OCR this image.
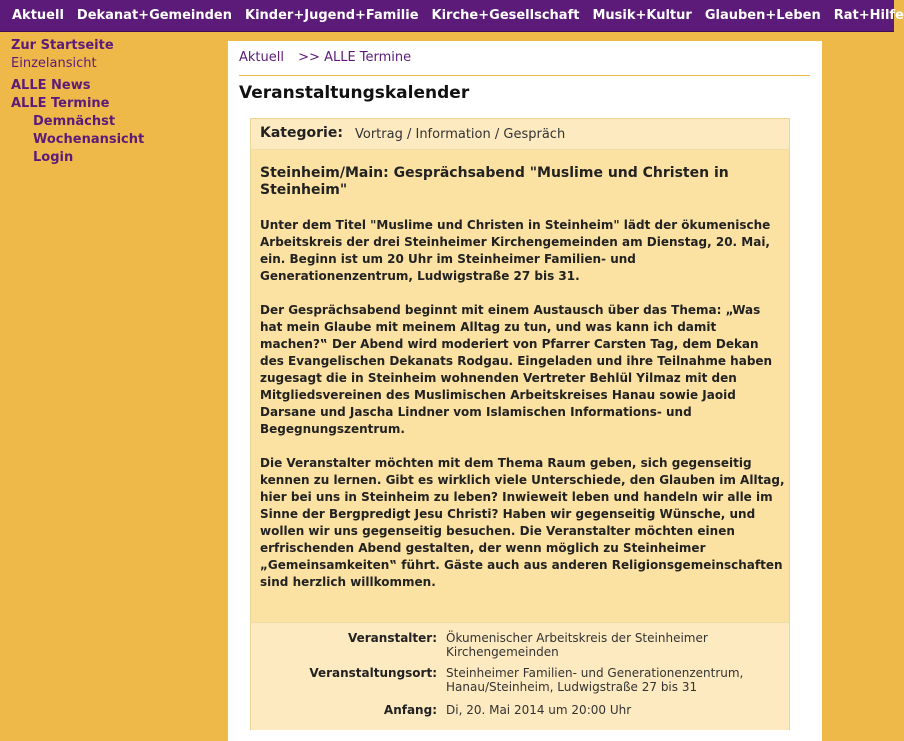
Aktuell Dekanat+Gemeinden Kinder+Jugend+Familie Kirche+Gesellschaft Musik+Kultur Glauben+Leben Rat+Hilfe
Zur Startseite
Einzelansicht
ALLE News
ALLE Termine
Demnächst
Wochenansicht
Login
Aktuell >> ALLE Termine
Veranstaltungskalender
Kategorie: Vortrag / Information / Gespräch
Steinheim/Main: Gesprächsabend "Muslime und Christen in Steinheim"

Unter dem Titel "Muslime und Christen in Steinheim" lädt der ökumenische Arbeitskreis der drei Steinheimer Kirchengemeinden am Dienstag, 20. Mai, ein. Beginn ist um 20 Uhr im Steinheimer Familien- und Generationenzentrum, Ludwigstraße 27 bis 31.

Der Gesprächsabend beginnt mit einem Austausch über das Thema: „Was hat mein Glaube mit meinem Alltag zu tun, und was kann ich damit machen?‟ Der Abend wird moderiert von Pfarrer Carsten Tag, dem Dekan des Evangelischen Dekanats Rodgau. Eingeladen und ihre Teilnahme haben zugesagt die in Steinheim wohnenden Vertreter Behlül Yilmaz mit den Mitgliedsvereinen des Muslimischen Arbeitskreises Hanau sowie Jaoid Darsane und Jascha Lindner vom Islamischen Informations- und Begegnungszentrum.

Die Veranstalter möchten mit dem Thema Raum geben, sich gegenseitig kennen zu lernen. Gibt es wirklich viele Unterschiede, den Glauben im Alltag, hier bei uns in Steinheim zu leben? Inwieweit leben und handeln wir alle im Sinne der Bergpredigt Jesu Christi? Haben wir gegenseitig Wünsche, und wollen wir uns gegenseitig besuchen. Die Veranstalter möchten einen erfrischenden Abend gestalten, der wenn möglich zu Steinheimer „Gemeinsamkeiten‟ führt. Gäste auch aus anderen Religionsgemeinschaften sind herzlich willkommen.

Veranstalter: Ökumenischer Arbeitskreis der Steinheimer Kirchengemeinden
Veranstaltungsort: Steinheimer Familien- und Generationenzentrum, Hanau/Steinheim, Ludwigstraße 27 bis 31
Anfang: Di, 20. Mai 2014 um 20:00 Uhr
